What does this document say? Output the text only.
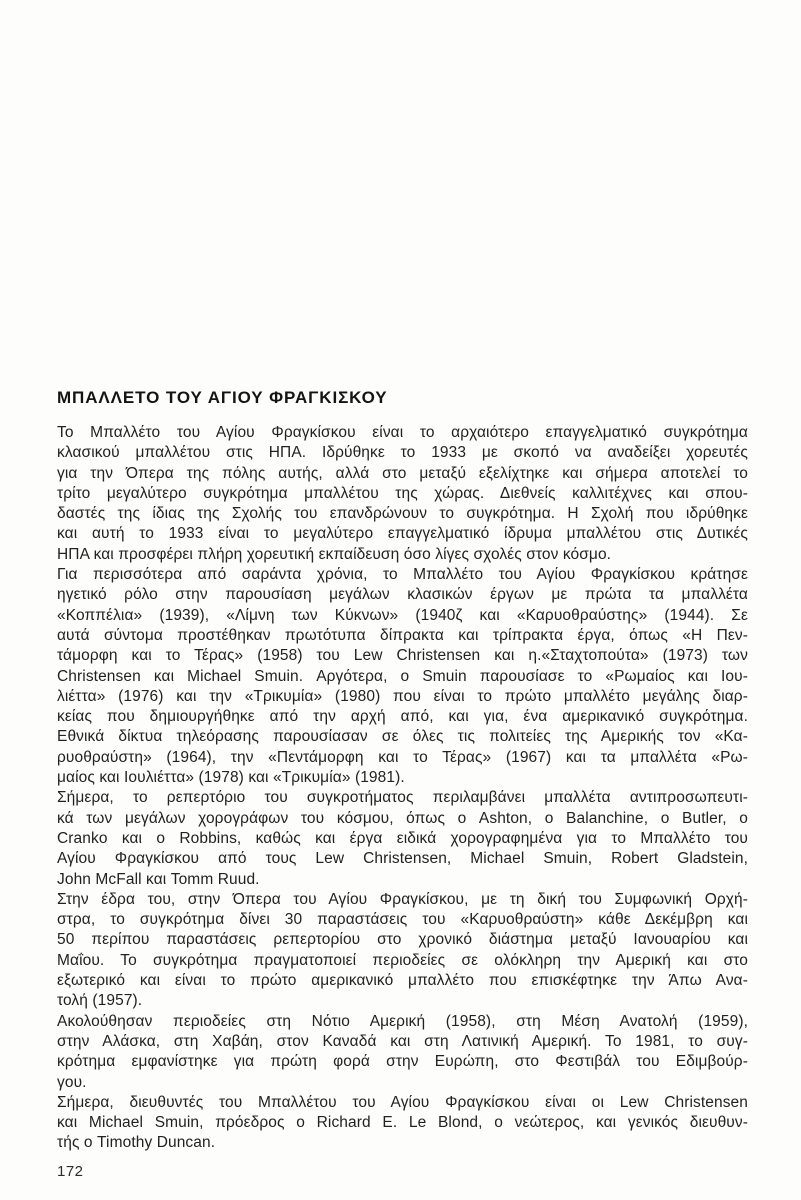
ΜΠΑΛΛΕΤΟ ΤΟΥ ΑΓΙΟΥ ΦΡΑΓΚΙΣΚΟΥ
Το Μπαλλέτο του Αγίου Φραγκίσκου είναι το αρχαιότερο επαγγελματικό συγκρότημα
κλασικού μπαλλέτου στις ΗΠΑ. Ιδρύθηκε το 1933 με σκοπό να αναδείξει χορευτές
για την Όπερα της πόλης αυτής, αλλά στο μεταξύ εξελίχτηκε και σήμερα αποτελεί το
τρίτο μεγαλύτερο συγκρότημα μπαλλέτου της χώρας. Διεθνείς καλλιτέχνες και σπου-
δαστές της ίδιας της Σχολής του επανδρώνουν το συγκρότημα. Η Σχολή που ιδρύθηκε
και αυτή το 1933 είναι το μεγαλύτερο επαγγελματικό ίδρυμα μπαλλέτου στις Δυτικές
ΗΠΑ και προσφέρει πλήρη χορευτική εκπαίδευση όσο λίγες σχολές στον κόσμο.
Για περισσότερα από σαράντα χρόνια, το Μπαλλέτο του Αγίου Φραγκίσκου κράτησε
ηγετικό ρόλο στην παρουσίαση μεγάλων κλασικών έργων με πρώτα τα μπαλλέτα
«Κοππέλια» (1939), «Λίμνη των Κύκνων» (1940ζ και «Καρυοθραύστης» (1944). Σε
αυτά σύντομα προστέθηκαν πρωτότυπα δίπρακτα και τρίπρακτα έργα, όπως «Η Πεν-
τάμορφη και το Τέρας» (1958) του Lew Christensen και η.«Σταχτοπούτα» (1973) των
Christensen και Michael Smuin. Αργότερα, ο Smuin παρουσίασε το «Ρωμαίος και Ιου-
λιέττα» (1976) και την «Τρικυμία» (1980) που είναι το πρώτο μπαλλέτο μεγάλης διαρ-
κείας που δημιουργήθηκε από την αρχή από, και για, ένα αμερικανικό συγκρότημα.
Εθνικά δίκτυα τηλεόρασης παρουσίασαν σε όλες τις πολιτείες της Αμερικής τον «Κα-
ρυοθραύστη» (1964), την «Πεντάμορφη και το Τέρας» (1967) και τα μπαλλέτα «Ρω-
μαίος και Ιουλιέττα» (1978) και «Τρικυμία» (1981).
Σήμερα, το ρεπερτόριο του συγκροτήματος περιλαμβάνει μπαλλέτα αντιπροσωπευτι-
κά των μεγάλων χορογράφων του κόσμου, όπως ο Ashton, ο Balanchine, ο Butler, ο
Cranko και ο Robbins, καθώς και έργα ειδικά χορογραφημένα για το Μπαλλέτο του
Αγίου Φραγκίσκου από τους Lew Christensen, Michael Smuin, Robert Gladstein,
John McFall και Tomm Ruud.
Στην έδρα του, στην Όπερα του Αγίου Φραγκίσκου, με τη δική του Συμφωνική Ορχή-
στρα, το συγκρότημα δίνει 30 παραστάσεις του «Καρυοθραύστη» κάθε Δεκέμβρη και
50 περίπου παραστάσεις ρεπερτορίου στο χρονικό διάστημα μεταξύ Ιανουαρίου και
Μαΐου. Το συγκρότημα πραγματοποιεί περιοδείες σε ολόκληρη την Αμερική και στο
εξωτερικό και είναι το πρώτο αμερικανικό μπαλλέτο που επισκέφτηκε την Άπω Ανα-
τολή (1957).
Ακολούθησαν περιοδείες στη Νότιο Αμερική (1958), στη Μέση Ανατολή (1959),
στην Αλάσκα, στη Χαβάη, στον Καναδά και στη Λατινική Αμερική. Το 1981, το συγ-
κρότημα εμφανίστηκε για πρώτη φορά στην Ευρώπη, στο Φεστιβάλ του Εδιμβούρ-
γου.
Σήμερα, διευθυντές του Μπαλλέτου του Αγίου Φραγκίσκου είναι οι Lew Christensen
και Michael Smuin, πρόεδρος ο Richard E. Le Blond, ο νεώτερος, και γενικός διευθυν-
τής ο Timothy Duncan.
172
